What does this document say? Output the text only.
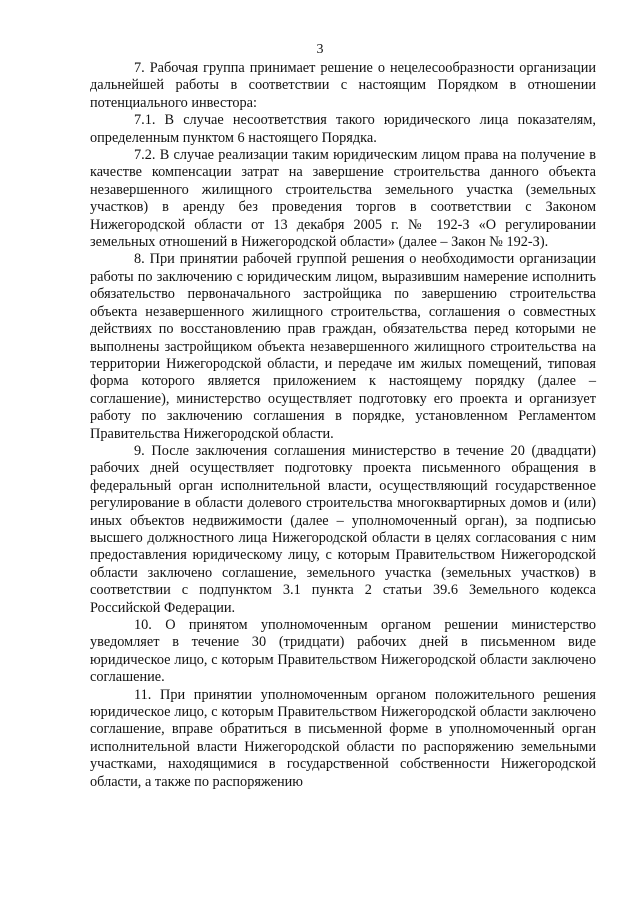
3

7. Рабочая группа принимает решение о нецелесообразности организации дальнейшей работы в соответствии с настоящим Порядком в отношении потенциального инвестора:

7.1. В случае несоответствия такого юридического лица показателям, определенным пунктом 6 настоящего Порядка.

7.2. В случае реализации таким юридическим лицом права на получение в качестве компенсации затрат на завершение строительства данного объекта незавершенного жилищного строительства земельного участка (земельных участков) в аренду без проведения торгов в соответствии с Законом Нижегородской области от 13 декабря 2005 г. № 192-З «О регулировании земельных отношений в Нижегородской области» (далее – Закон № 192-З).

8. При принятии рабочей группой решения о необходимости организации работы по заключению с юридическим лицом, выразившим намерение исполнить обязательство первоначального застройщика по завершению строительства объекта незавершенного жилищного строительства, соглашения о совместных действиях по восстановлению прав граждан, обязательства перед которыми не выполнены застройщиком объекта незавершенного жилищного строительства на территории Нижегородской области, и передаче им жилых помещений, типовая форма которого является приложением к настоящему порядку (далее – соглашение), министерство осуществляет подготовку его проекта и организует работу по заключению соглашения в порядке, установленном Регламентом Правительства Нижегородской области.

9. После заключения соглашения министерство в течение 20 (двадцати) рабочих дней осуществляет подготовку проекта письменного обращения в федеральный орган исполнительной власти, осуществляющий государственное регулирование в области долевого строительства многоквартирных домов и (или) иных объектов недвижимости (далее – уполномоченный орган), за подписью высшего должностного лица Нижегородской области в целях согласования с ним предоставления юридическому лицу, с которым Правительством Нижегородской области заключено соглашение, земельного участка (земельных участков) в соответствии с подпунктом 3.1 пункта 2 статьи 39.6 Земельного кодекса Российской Федерации.

10. О принятом уполномоченным органом решении министерство уведомляет в течение 30 (тридцати) рабочих дней в письменном виде юридическое лицо, с которым Правительством Нижегородской области заключено соглашение.

11. При принятии уполномоченным органом положительного решения юридическое лицо, с которым Правительством Нижегородской области заключено соглашение, вправе обратиться в письменной форме в уполномоченный орган исполнительной власти Нижегородской области по распоряжению земельными участками, находящимися в государственной собственности Нижегородской области, а также по распоряжению
